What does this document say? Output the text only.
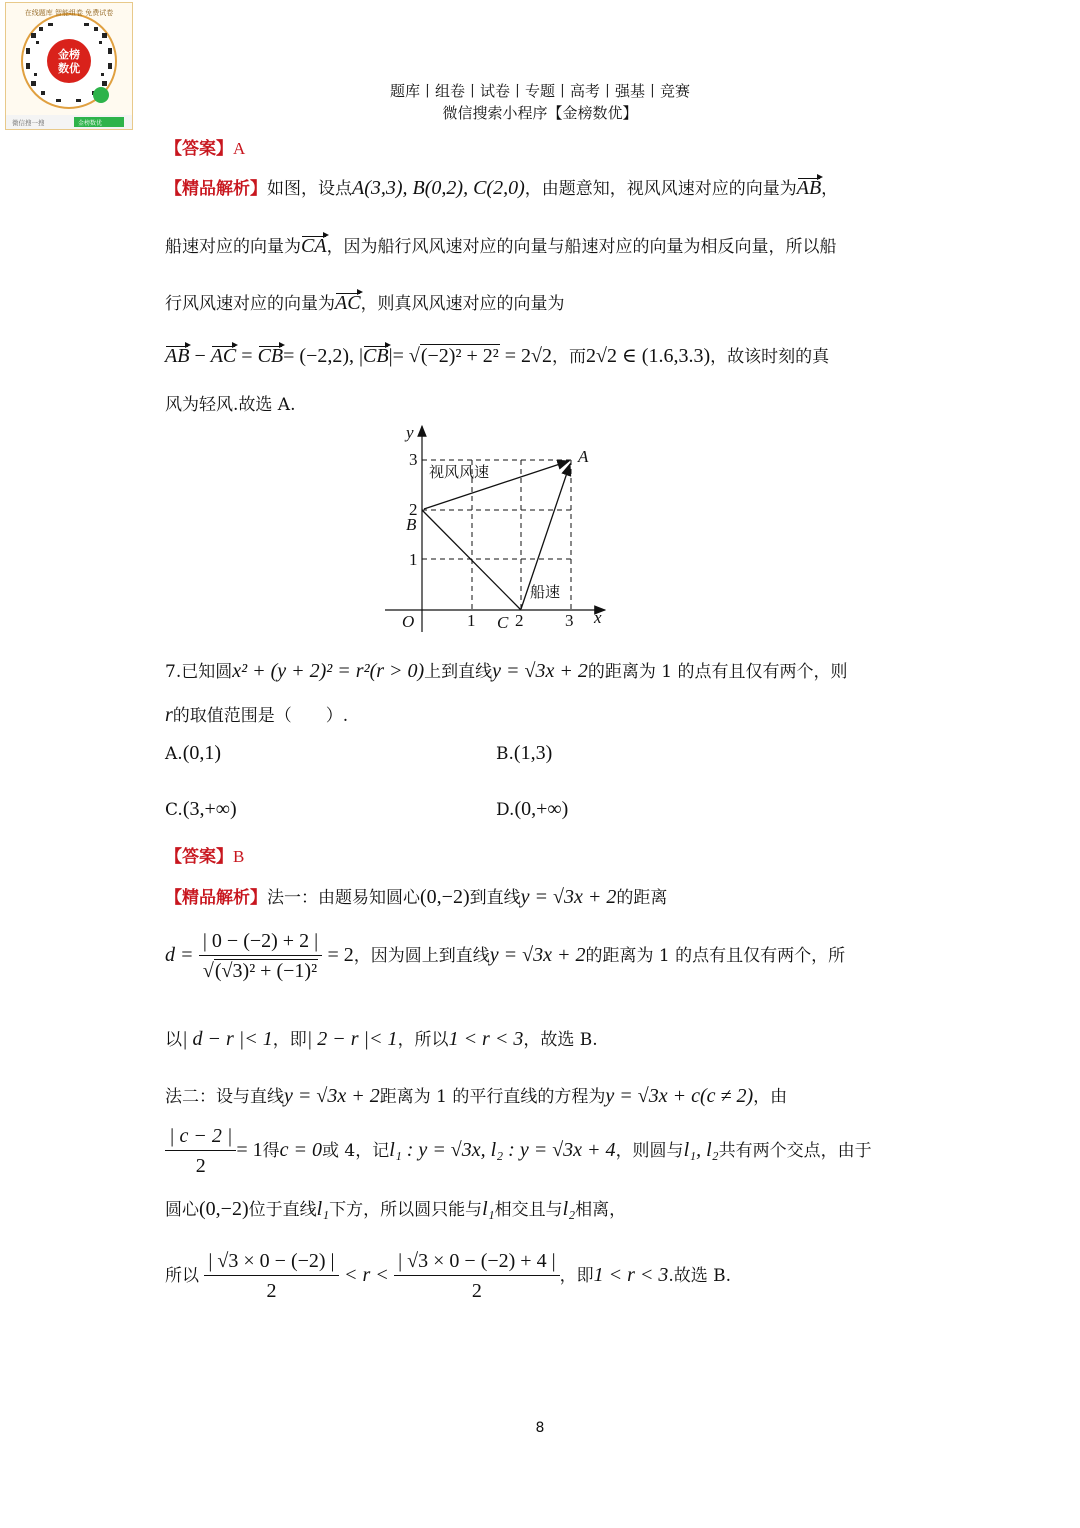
金榜
数优
在线题库 智能组卷 免费试卷
微信搜一搜	金榜数优
题库丨组卷丨试卷丨专题丨高考丨强基丨竞赛
微信搜索小程序【金榜数优】
【答案】A
【精品解析】如图，设点A(3,3), B(0,2), C(2,0)，由题意知，视风风速对应的向量为AB，
船速对应的向量为CA，因为船行风风速对应的向量与船速对应的向量为相反向量，所以船
行风风速对应的向量为AC，则真风风速对应的向量为
AB − AC = CB= (−2,2), |CB|= √(−2)² + 2² = 2√2，而2√2 ∈ (1.6,3.3)，故该时刻的真
风为轻风.故选 A.
y
x
O	1 2 3
1
2
3	A
B
C
视风风速
船速
7.已知圆x² + (y + 2)² = r²(r > 0)上到直线y = √3x + 2的距离为 1 的点有且仅有两个，则
r的取值范围是（　　）.
A.(0,1)	B.(1,3)
C.(3,+∞)	D.(0,+∞)
【答案】B
【精品解析】法一：由题易知圆心(0,−2)到直线y = √3x + 2的距离
$d = \frac{| 0 - (-2) + 2 |}{\text{√(√3)² + (−1)²}} = 2$，因为圆上到直线y = √3x + 2的距离为 1 的点有且仅有两个，所
以| d − r |< 1，即| 2 − r |< 1，所以1 < r < 3，故选 B.
法二：设与直线y = √3x + 2距离为 1 的平行直线的方程为y = √3x + c(c ≠ 2)，由
$\frac{| c - 2 |}{2} = 1$得c = 0或 4，记l₁ : y = √3x, l₂ : y = √3x + 4，则圆与l₁, l₂共有两个交点，由于
圆心(0,−2)位于直线l₁下方，所以圆只能与l₁相交且与l₂相离，
所以 $\frac{| √3 \times 0 - (-2) |}{2} < r < \frac{| √3 \times 0 - (-2) + 4 |}{2}$ ，即1 < r < 3.故选 B.
8
